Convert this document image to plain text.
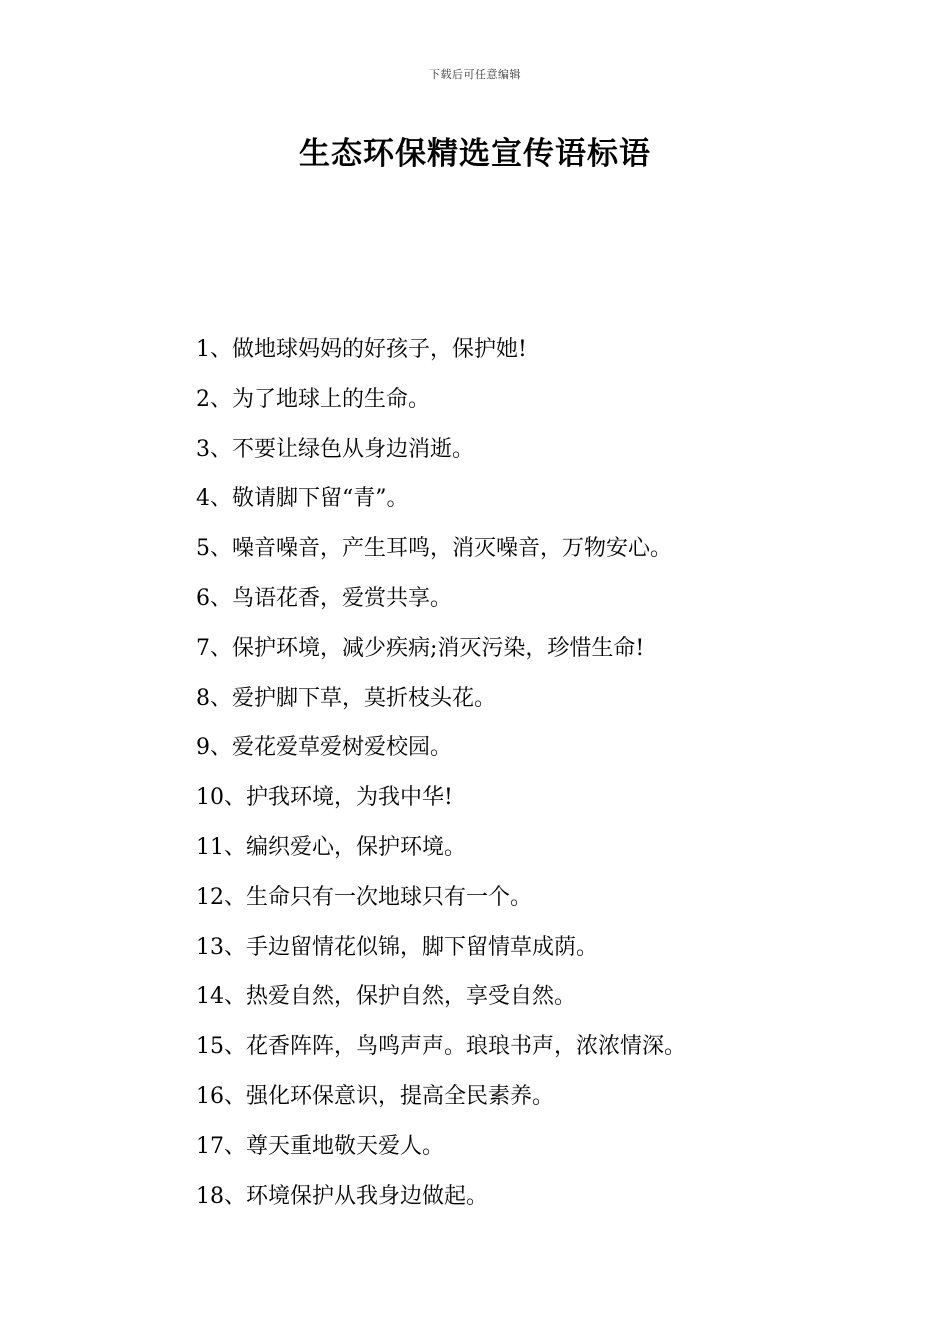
下载后可任意编辑
生态环保精选宣传语标语
1、做地球妈妈的好孩子，保护她!
2、为了地球上的生命。
3、不要让绿色从身边消逝。
4、敬请脚下留“青”。
5、噪音噪音，产生耳鸣，消灭噪音，万物安心。
6、鸟语花香，爱赏共享。
7、保护环境，减少疾病;消灭污染，珍惜生命!
8、爱护脚下草，莫折枝头花。
9、爱花爱草爱树爱校园。
10、护我环境，为我中华!
11、编织爱心，保护环境。
12、生命只有一次地球只有一个。
13、手边留情花似锦，脚下留情草成荫。
14、热爱自然，保护自然，享受自然。
15、花香阵阵，鸟鸣声声。琅琅书声，浓浓情深。
16、强化环保意识，提高全民素养。
17、尊天重地敬天爱人。
18、环境保护从我身边做起。
